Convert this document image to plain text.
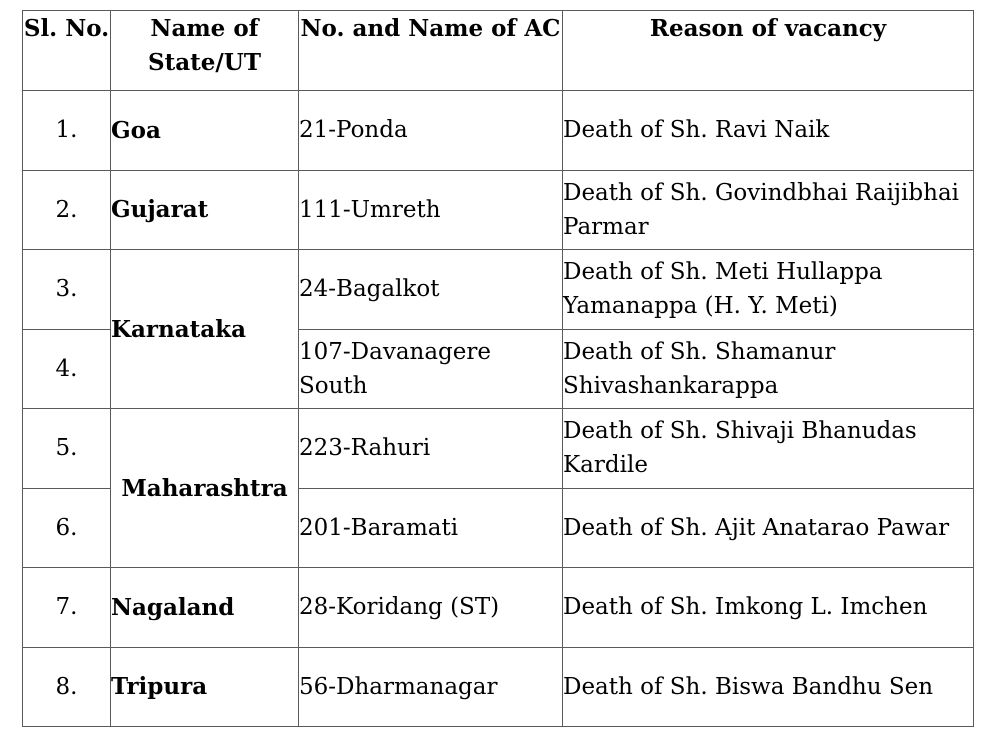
Sl. No.	Name of State/UT	No. and Name of AC	Reason of vacancy
1.	Goa	21-Ponda	Death of Sh. Ravi Naik
2.	Gujarat	111-Umreth	Death of Sh. Govindbhai Raijibhai Parmar
3.	Karnataka	24-Bagalkot	Death of Sh. Meti Hullappa Yamanappa (H. Y. Meti)
4.		107-Davanagere South	Death of Sh. Shamanur Shivashankarappa
5.	Maharashtra	223-Rahuri	Death of Sh. Shivaji Bhanudas Kardile
6.		201-Baramati	Death of Sh. Ajit Anatarao Pawar
7.	Nagaland	28-Koridang (ST)	Death of Sh. Imkong L. Imchen
8.	Tripura	56-Dharmanagar	Death of Sh. Biswa Bandhu Sen
